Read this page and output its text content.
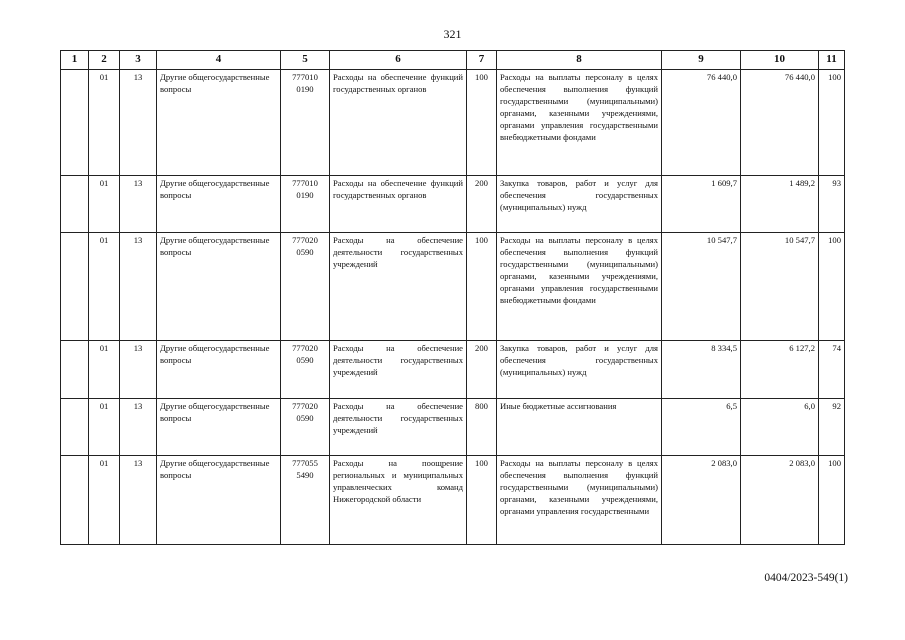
321
1	2	3	4	5	6	7	8	9	10	11
	01	13	Другие общегосударственные вопросы	777010 0190	Расходы на обеспечение функций государственных органов	100	Расходы на выплаты персоналу в целях обеспечения выполнения функций государственными (муниципальными) органами, казенными учреждениями, органами управления государственными внебюджетными фондами	76 440,0	76 440,0	100
	01	13	Другие общегосударственные вопросы	777010 0190	Расходы на обеспечение функций государственных органов	200	Закупка товаров, работ и услуг для обеспечения государственных (муниципальных) нужд	1 609,7	1 489,2	93
	01	13	Другие общегосударственные вопросы	777020 0590	Расходы на обеспечение деятельности государственных учреждений	100	Расходы на выплаты персоналу в целях обеспечения выполнения функций государственными (муниципальными) органами, казенными учреждениями, органами управления государственными внебюджетными фондами	10 547,7	10 547,7	100
	01	13	Другие общегосударственные вопросы	777020 0590	Расходы на обеспечение деятельности государственных учреждений	200	Закупка товаров, работ и услуг для обеспечения государственных (муниципальных) нужд	8 334,5	6 127,2	74
	01	13	Другие общегосударственные вопросы	777020 0590	Расходы на обеспечение деятельности государственных учреждений	800	Иные бюджетные ассигнования	6,5	6,0	92
	01	13	Другие общегосударственные вопросы	777055 5490	Расходы на поощрение региональных и муниципальных управленческих команд Нижегородской области	100	Расходы на выплаты персоналу в целях обеспечения выполнения функций государственными (муниципальными) органами, казенными учреждениями, органами управления государственными	2 083,0	2 083,0	100
0404/2023-549(1)
